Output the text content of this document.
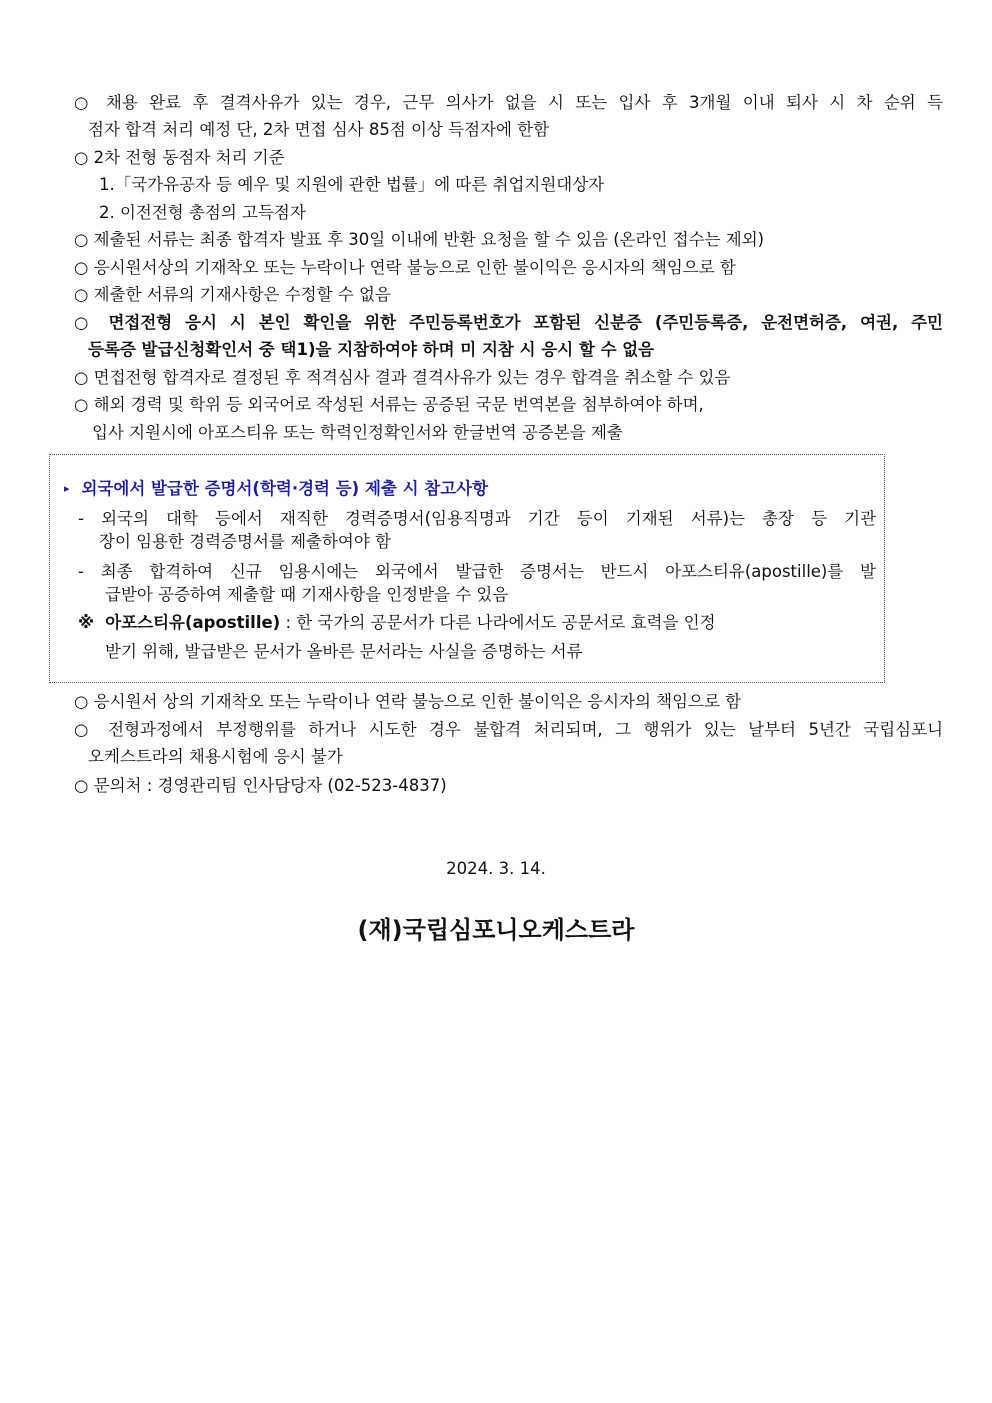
○ 채용 완료 후 결격사유가 있는 경우, 근무 의사가 없을 시 또는 입사 후 3개월 이내 퇴사 시 차 순위 득
점자 합격 처리 예정 단, 2차 면접 심사 85점 이상 득점자에 한함
○ 2차 전형 동점자 처리 기준
1.「국가유공자 등 예우 및 지원에 관한 법률」에 따른 취업지원대상자
2. 이전전형 총점의 고득점자
○ 제출된 서류는 최종 합격자 발표 후 30일 이내에 반환 요청을 할 수 있음 (온라인 접수는 제외)
○ 응시원서상의 기재착오 또는 누락이나 연락 불능으로 인한 불이익은 응시자의 책임으로 함
○ 제출한 서류의 기재사항은 수정할 수 없음
○ 면접전형 응시 시 본인 확인을 위한 주민등록번호가 포함된 신분증 (주민등록증, 운전면허증, 여권, 주민
등록증 발급신청확인서 중 택1)을 지참하여야 하며 미 지참 시 응시 할 수 없음
○ 면접전형 합격자로 결정된 후 적격심사 결과 결격사유가 있는 경우 합격을 취소할 수 있음
○ 해외 경력 및 학위 등 외국어로 작성된 서류는 공증된 국문 번역본을 첨부하여야 하며,
입사 지원시에 아포스티유 또는 학력인정확인서와 한글번역 공증본을 제출
▸ 외국에서 발급한 증명서(학력·경력 등) 제출 시 참고사항
- 외국의 대학 등에서 재직한 경력증명서(임용직명과 기간 등이 기재된 서류)는 총장 등 기관
장이 임용한 경력증명서를 제출하여야 함
- 최종 합격하여 신규 임용시에는 외국에서 발급한 증명서는 반드시 아포스티유(apostille)를 발
급받아 공증하여 제출할 때 기재사항을 인정받을 수 있음
※ 아포스티유(apostille) : 한 국가의 공문서가 다른 나라에서도 공문서로 효력을 인정
받기 위해, 발급받은 문서가 올바른 문서라는 사실을 증명하는 서류
○ 응시원서 상의 기재착오 또는 누락이나 연락 불능으로 인한 불이익은 응시자의 책임으로 함
○ 전형과정에서 부정행위를 하거나 시도한 경우 불합격 처리되며, 그 행위가 있는 날부터 5년간 국립심포니
오케스트라의 채용시험에 응시 불가
○ 문의처 : 경영관리팀 인사담당자 (02-523-4837)
2024. 3. 14.
(재)국립심포니오케스트라
